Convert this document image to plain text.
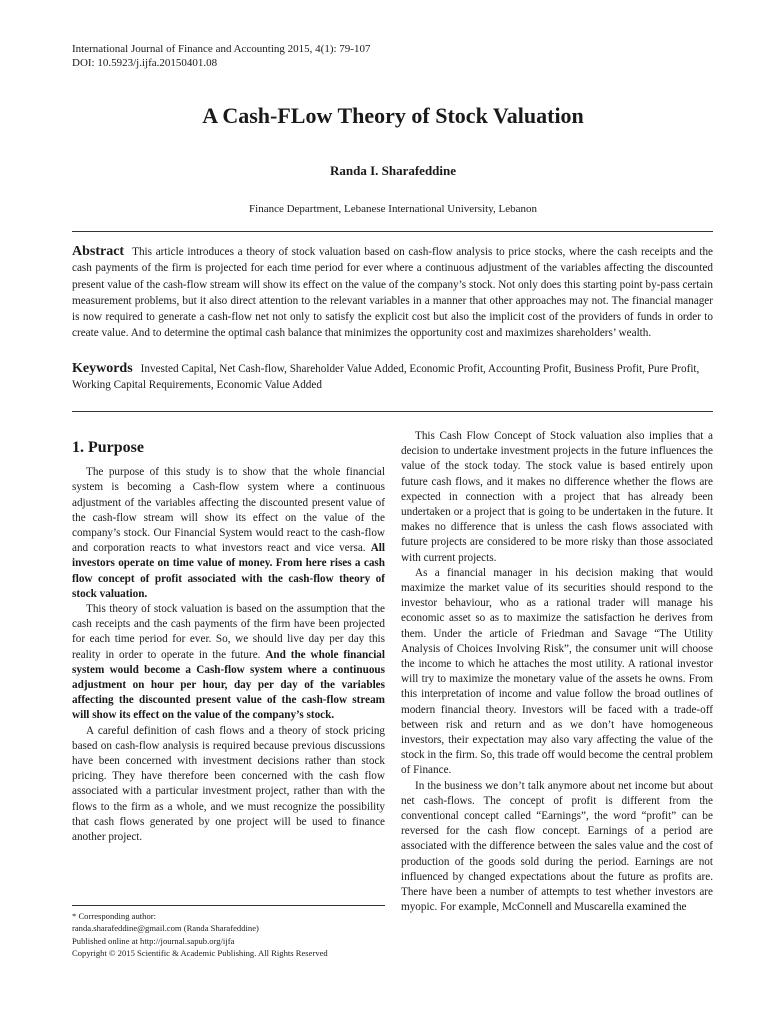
International Journal of Finance and Accounting 2015, 4(1): 79-107
DOI: 10.5923/j.ijfa.20150401.08
A Cash-FLow Theory of Stock Valuation
Randa I. Sharafeddine
Finance Department, Lebanese International University, Lebanon
Abstract This article introduces a theory of stock valuation based on cash-flow analysis to price stocks, where the cash receipts and the cash payments of the firm is projected for each time period for ever where a continuous adjustment of the variables affecting the discounted present value of the cash-flow stream will show its effect on the value of the company’s stock. Not only does this starting point by-pass certain measurement problems, but it also direct attention to the relevant variables in a manner that other approaches may not. The financial manager is now required to generate a cash-flow net not only to satisfy the explicit cost but also the implicit cost of the providers of funds in order to create value. And to determine the optimal cash balance that minimizes the opportunity cost and maximizes shareholders’ wealth.
Keywords Invested Capital, Net Cash-flow, Shareholder Value Added, Economic Profit, Accounting Profit, Business Profit, Pure Profit, Working Capital Requirements, Economic Value Added
1. Purpose

The purpose of this study is to show that the whole financial system is becoming a Cash-flow system where a continuous adjustment of the variables affecting the discounted present value of the cash-flow stream will show its effect on the value of the company’s stock. Our Financial System would react to the cash-flow and corporation reacts to what investors react and vice versa. All investors operate on time value of money. From here rises a cash flow concept of profit associated with the cash-flow theory of stock valuation.

This theory of stock valuation is based on the assumption that the cash receipts and the cash payments of the firm have been projected for each time period for ever. So, we should live day per day this reality in order to operate in the future. And the whole financial system would become a Cash-flow system where a continuous adjustment on hour per hour, day per day of the variables affecting the discounted present value of the cash-flow stream will show its effect on the value of the company’s stock.

A careful definition of cash flows and a theory of stock pricing based on cash-flow analysis is required because previous discussions have been concerned with investment decisions rather than stock pricing. They have therefore been concerned with the cash flow associated with a particular investment project, rather than with the flows to the firm as a whole, and we must recognize the possibility that cash flows generated by one project will be used to finance another project.

* Corresponding author:
randa.sharafeddine@gmail.com (Randa Sharafeddine)
Published online at http://journal.sapub.org/ijfa
Copyright © 2015 Scientific & Academic Publishing. All Rights Reserved

This Cash Flow Concept of Stock valuation also implies that a decision to undertake investment projects in the future influences the value of the stock today. The stock value is based entirely upon future cash flows, and it makes no difference whether the flows are expected in connection with a project that has already been undertaken or a project that is going to be undertaken in the future. It makes no difference that is unless the cash flows associated with future projects are considered to be more risky than those associated with current projects.

As a financial manager in his decision making that would maximize the market value of its securities should respond to the investor behaviour, who as a rational trader will manage his economic asset so as to maximize the satisfaction he derives from them. Under the article of Friedman and Savage “The Utility Analysis of Choices Involving Risk”, the consumer unit will choose the income to which he attaches the most utility. A rational investor will try to maximize the monetary value of the assets he owns. From this interpretation of income and value follow the broad outlines of modern financial theory. Investors will be faced with a trade-off between risk and return and as we don’t have homogeneous investors, their expectation may also vary affecting the value of the stock in the firm. So, this trade off would become the central problem of Finance.

In the business we don’t talk anymore about net income but about net cash-flows. The concept of profit is different from the conventional concept called “Earnings”, the word “profit” can be reversed for the cash flow concept. Earnings of a period are associated with the difference between the sales value and the cost of production of the goods sold during the period. Earnings are not influenced by changed expectations about the future as profits are. There have been a number of attempts to test whether investors are myopic. For example, McConnell and Muscarella examined the
